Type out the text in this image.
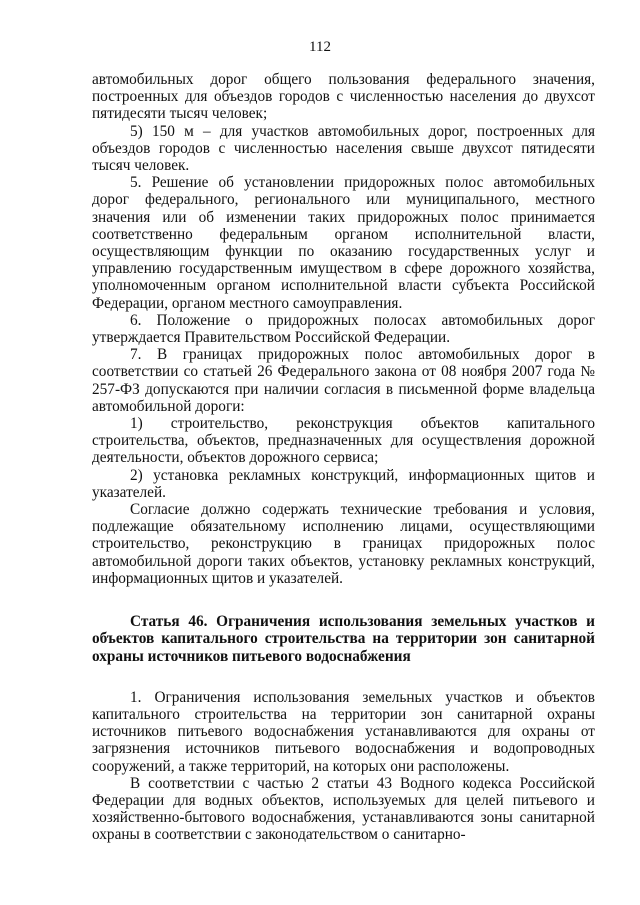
112

автомобильных дорог общего пользования федерального значения, построенных для объездов городов с численностью населения до двухсот пятидесяти тысяч человек;

5) 150 м – для участков автомобильных дорог, построенных для объездов городов с численностью населения свыше двухсот пятидесяти тысяч человек.

5. Решение об установлении придорожных полос автомобильных дорог федерального, регионального или муниципального, местного значения или об изменении таких придорожных полос принимается соответственно федеральным органом исполнительной власти, осуществляющим функции по оказанию государственных услуг и управлению государственным имуществом в сфере дорожного хозяйства, уполномоченным органом исполнительной власти субъекта Российской Федерации, органом местного самоуправления.

6. Положение о придорожных полосах автомобильных дорог утверждается Правительством Российской Федерации.

7. В границах придорожных полос автомобильных дорог в соответствии со статьей 26 Федерального закона от 08 ноября 2007 года № 257-ФЗ допускаются при наличии согласия в письменной форме владельца автомобильной дороги:

1) строительство, реконструкция объектов капитального строительства, объектов, предназначенных для осуществления дорожной деятельности, объектов дорожного сервиса;

2) установка рекламных конструкций, информационных щитов и указателей.

Согласие должно содержать технические требования и условия, подлежащие обязательному исполнению лицами, осуществляющими строительство, реконструкцию в границах придорожных полос автомобильной дороги таких объектов, установку рекламных конструкций, информационных щитов и указателей.

Статья 46. Ограничения использования земельных участков и объектов капитального строительства на территории зон санитарной охраны источников питьевого водоснабжения

1. Ограничения использования земельных участков и объектов капитального строительства на территории зон санитарной охраны источников питьевого водоснабжения устанавливаются для охраны от загрязнения источников питьевого водоснабжения и водопроводных сооружений, а также территорий, на которых они расположены.

В соответствии с частью 2 статьи 43 Водного кодекса Российской Федерации для водных объектов, используемых для целей питьевого и хозяйственно-бытового водоснабжения, устанавливаются зоны санитарной охраны в соответствии с законодательством о санитарно-
